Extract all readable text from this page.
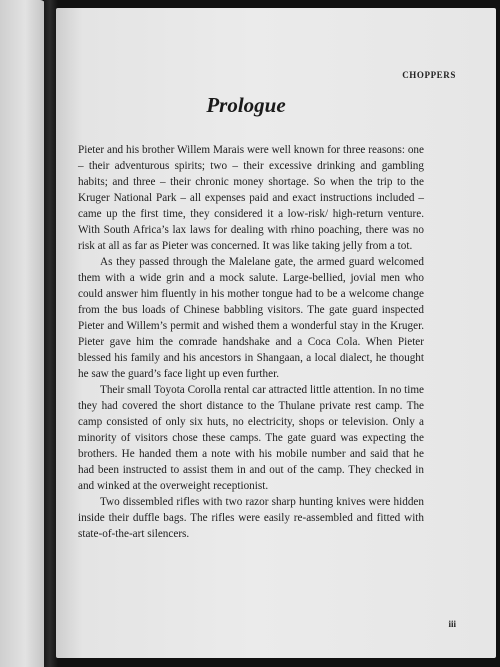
CHOPPERS
Prologue

Pieter and his brother Willem Marais were well known for three reasons: one – their adventurous spirits; two – their excessive drinking and gambling habits; and three – their chronic money shortage. So when the trip to the Kruger National Park – all expenses paid and exact instructions included – came up the first time, they considered it a low-risk/ high-return venture. With South Africa’s lax laws for dealing with rhino poaching, there was no risk at all as far as Pieter was concerned. It was like taking jelly from a tot.

As they passed through the Malelane gate, the armed guard welcomed them with a wide grin and a mock salute. Large-bellied, jovial men who could answer him fluently in his mother tongue had to be a welcome change from the bus loads of Chinese babbling visitors. The gate guard inspected Pieter and Willem’s permit and wished them a wonderful stay in the Kruger. Pieter gave him the comrade handshake and a Coca Cola. When Pieter blessed his family and his ancestors in Shangaan, a local dialect, he thought he saw the guard’s face light up even further.

Their small Toyota Corolla rental car attracted little attention. In no time they had covered the short distance to the Thulane private rest camp. The camp consisted of only six huts, no electricity, shops or television. Only a minority of visitors chose these camps. The gate guard was expecting the brothers. He handed them a note with his mobile number and said that he had been instructed to assist them in and out of the camp. They checked in and winked at the overweight receptionist.

Two dissembled rifles with two razor sharp hunting knives were hidden inside their duffle bags. The rifles were easily re-assembled and fitted with state-of-the-art silencers.

iii
